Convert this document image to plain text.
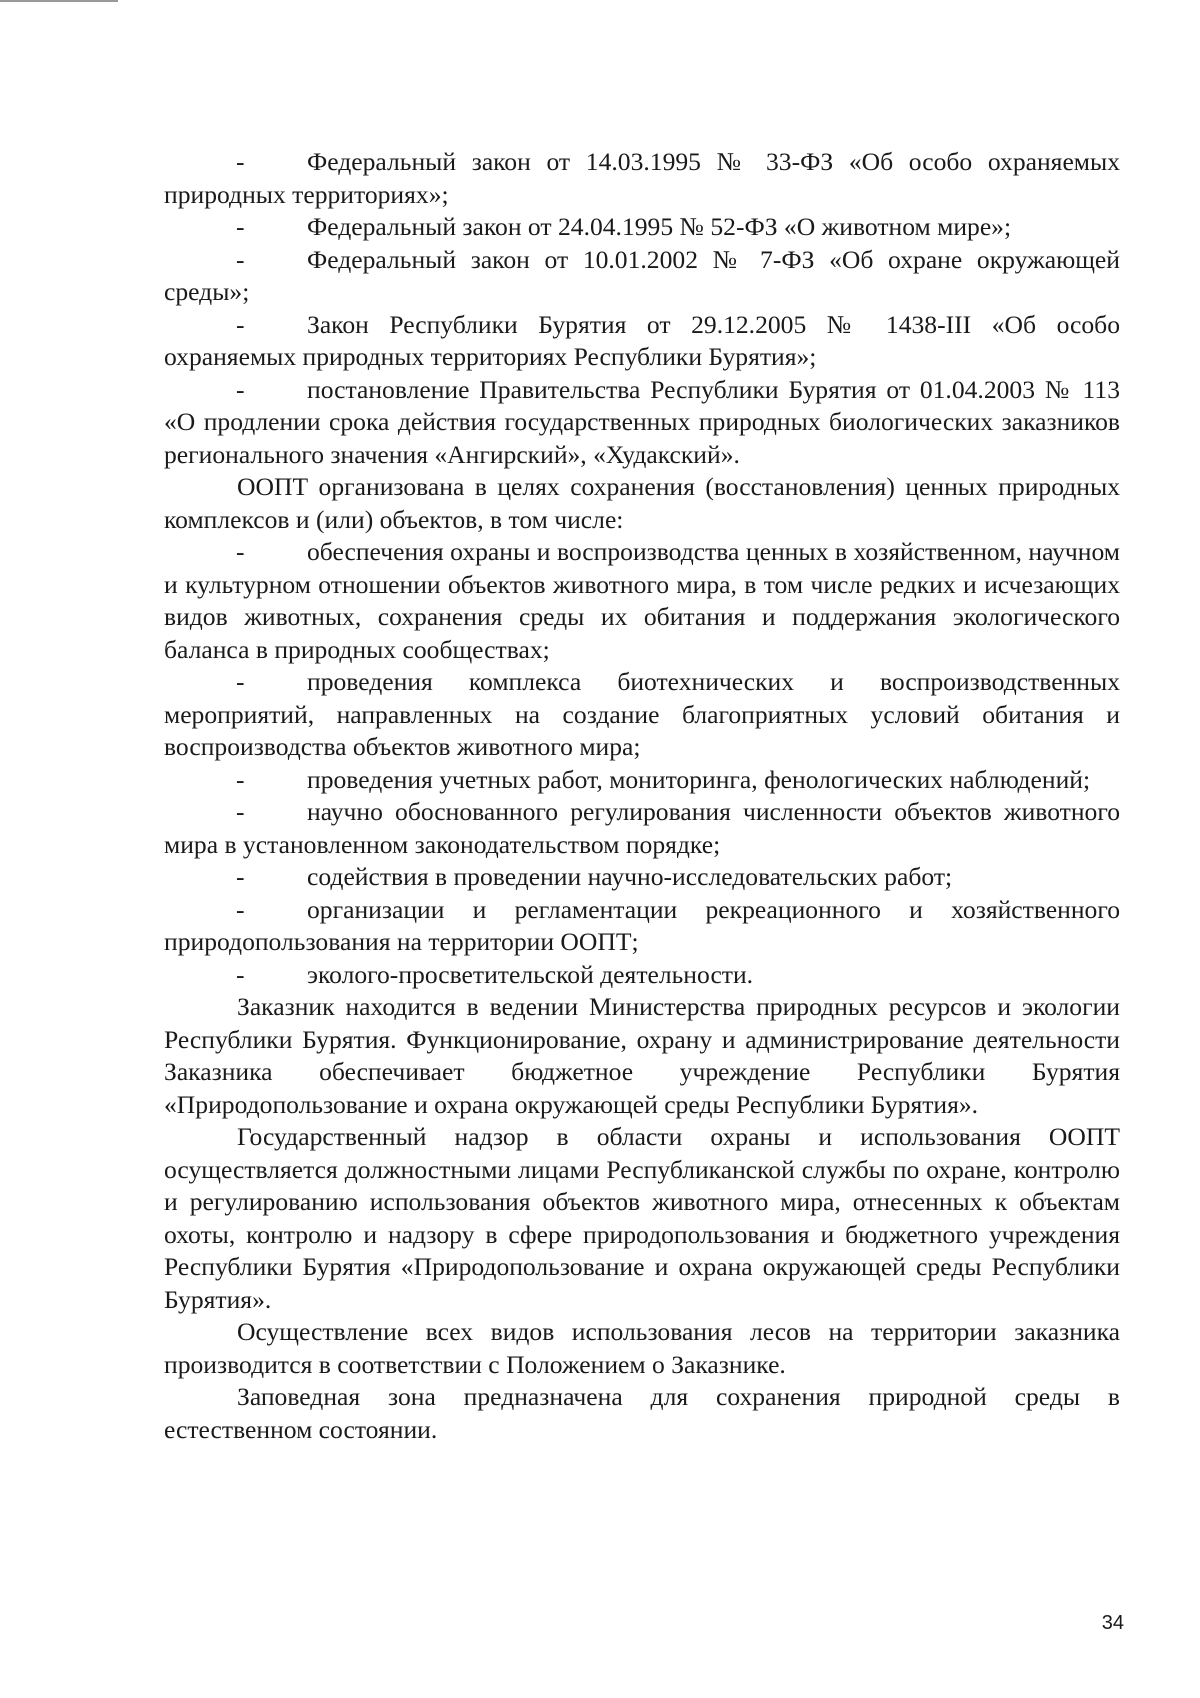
- Федеральный закон от 14.03.1995 № 33-ФЗ «Об особо охраняемых природных территориях»;

- Федеральный закон от 24.04.1995 № 52-ФЗ «О животном мире»;

- Федеральный закон от 10.01.2002 № 7-ФЗ «Об охране окружающей среды»;

- Закон Республики Бурятия от 29.12.2005 № 1438-III «Об особо охраняемых природных территориях Республики Бурятия»;

- постановление Правительства Республики Бурятия от 01.04.2003 № 113 «О продлении срока действия государственных природных биологических заказников регионального значения «Ангирский», «Худакский».

ООПТ организована в целях сохранения (восстановления) ценных природных комплексов и (или) объектов, в том числе:

- обеспечения охраны и воспроизводства ценных в хозяйственном, научном и культурном отношении объектов животного мира, в том числе редких и исчезающих видов животных, сохранения среды их обитания и поддержания экологического баланса в природных сообществах;

- проведения комплекса биотехнических и воспроизводственных мероприятий, направленных на создание благоприятных условий обитания и воспроизводства объектов животного мира;

- проведения учетных работ, мониторинга, фенологических наблюдений;

- научно обоснованного регулирования численности объектов животного мира в установленном законодательством порядке;

- содействия в проведении научно-исследовательских работ;

- организации и регламентации рекреационного и хозяйственного природопользования на территории ООПТ;

- эколого-просветительской деятельности.

Заказник находится в ведении Министерства природных ресурсов и экологии Республики Бурятия. Функционирование, охрану и администрирование деятельности Заказника обеспечивает бюджетное учреждение Республики Бурятия «Природопользование и охрана окружающей среды Республики Бурятия».

Государственный надзор в области охраны и использования ООПТ осуществляется должностными лицами Республиканской службы по охране, контролю и регулированию использования объектов животного мира, отнесенных к объектам охоты, контролю и надзору в сфере природопользования и бюджетного учреждения Республики Бурятия «Природопользование и охрана окружающей среды Республики Бурятия».

Осуществление всех видов использования лесов на территории заказника производится в соответствии с Положением о Заказнике.

Заповедная зона предназначена для сохранения природной среды в естественном состоянии.

34
